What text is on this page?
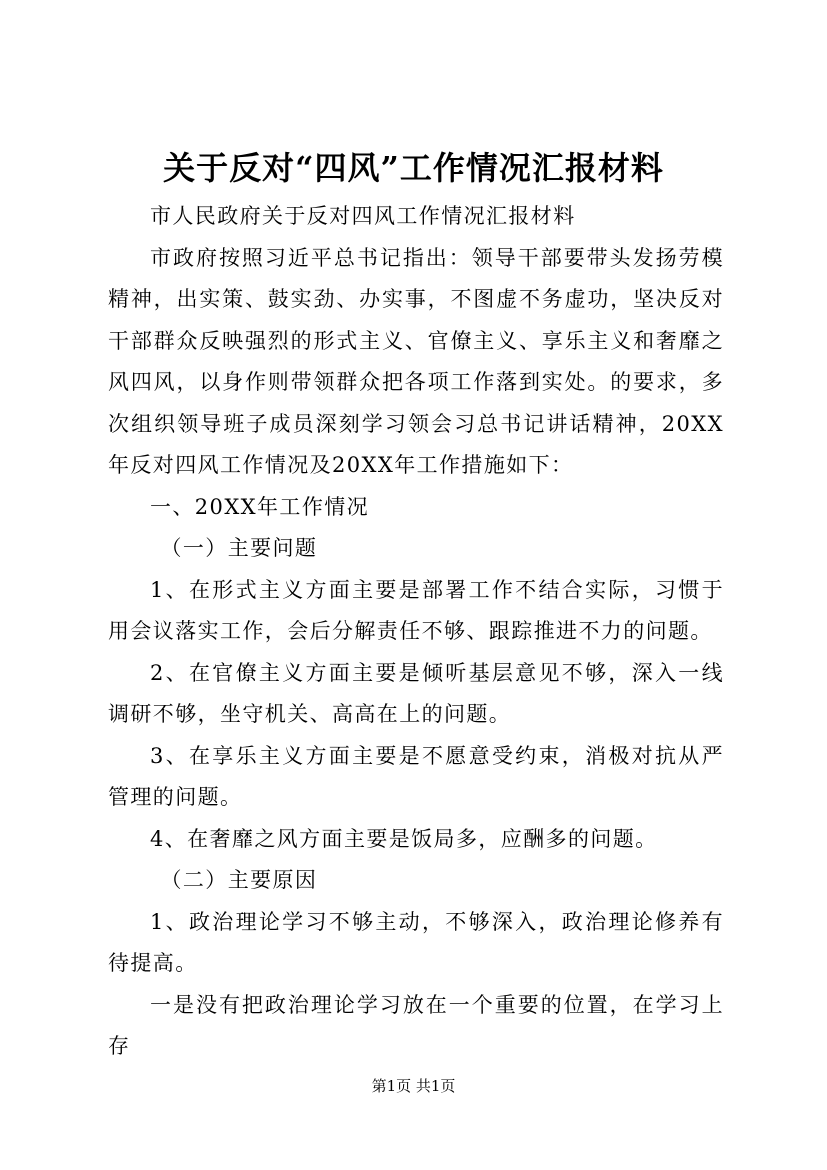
关于反对“四风”工作情况汇报材料

市人民政府关于反对四风工作情况汇报材料

市政府按照习近平总书记指出：领导干部要带头发扬劳模精神，出实策、鼓实劲、办实事，不图虚不务虚功，坚决反对干部群众反映强烈的形式主义、官僚主义、享乐主义和奢靡之风四风，以身作则带领群众把各项工作落到实处。的要求，多次组织领导班子成员深刻学习领会习总书记讲话精神，20XX年反对四风工作情况及20XX年工作措施如下：

一、20XX年工作情况

（一）主要问题

1、在形式主义方面主要是部署工作不结合实际，习惯于用会议落实工作，会后分解责任不够、跟踪推进不力的问题。

2、在官僚主义方面主要是倾听基层意见不够，深入一线调研不够，坐守机关、高高在上的问题。

3、在享乐主义方面主要是不愿意受约束，消极对抗从严管理的问题。

4、在奢靡之风方面主要是饭局多，应酬多的问题。

（二）主要原因

1、政治理论学习不够主动，不够深入，政治理论修养有待提高。

一是没有把政治理论学习放在一个重要的位置，在学习上存

第1页 共1页
